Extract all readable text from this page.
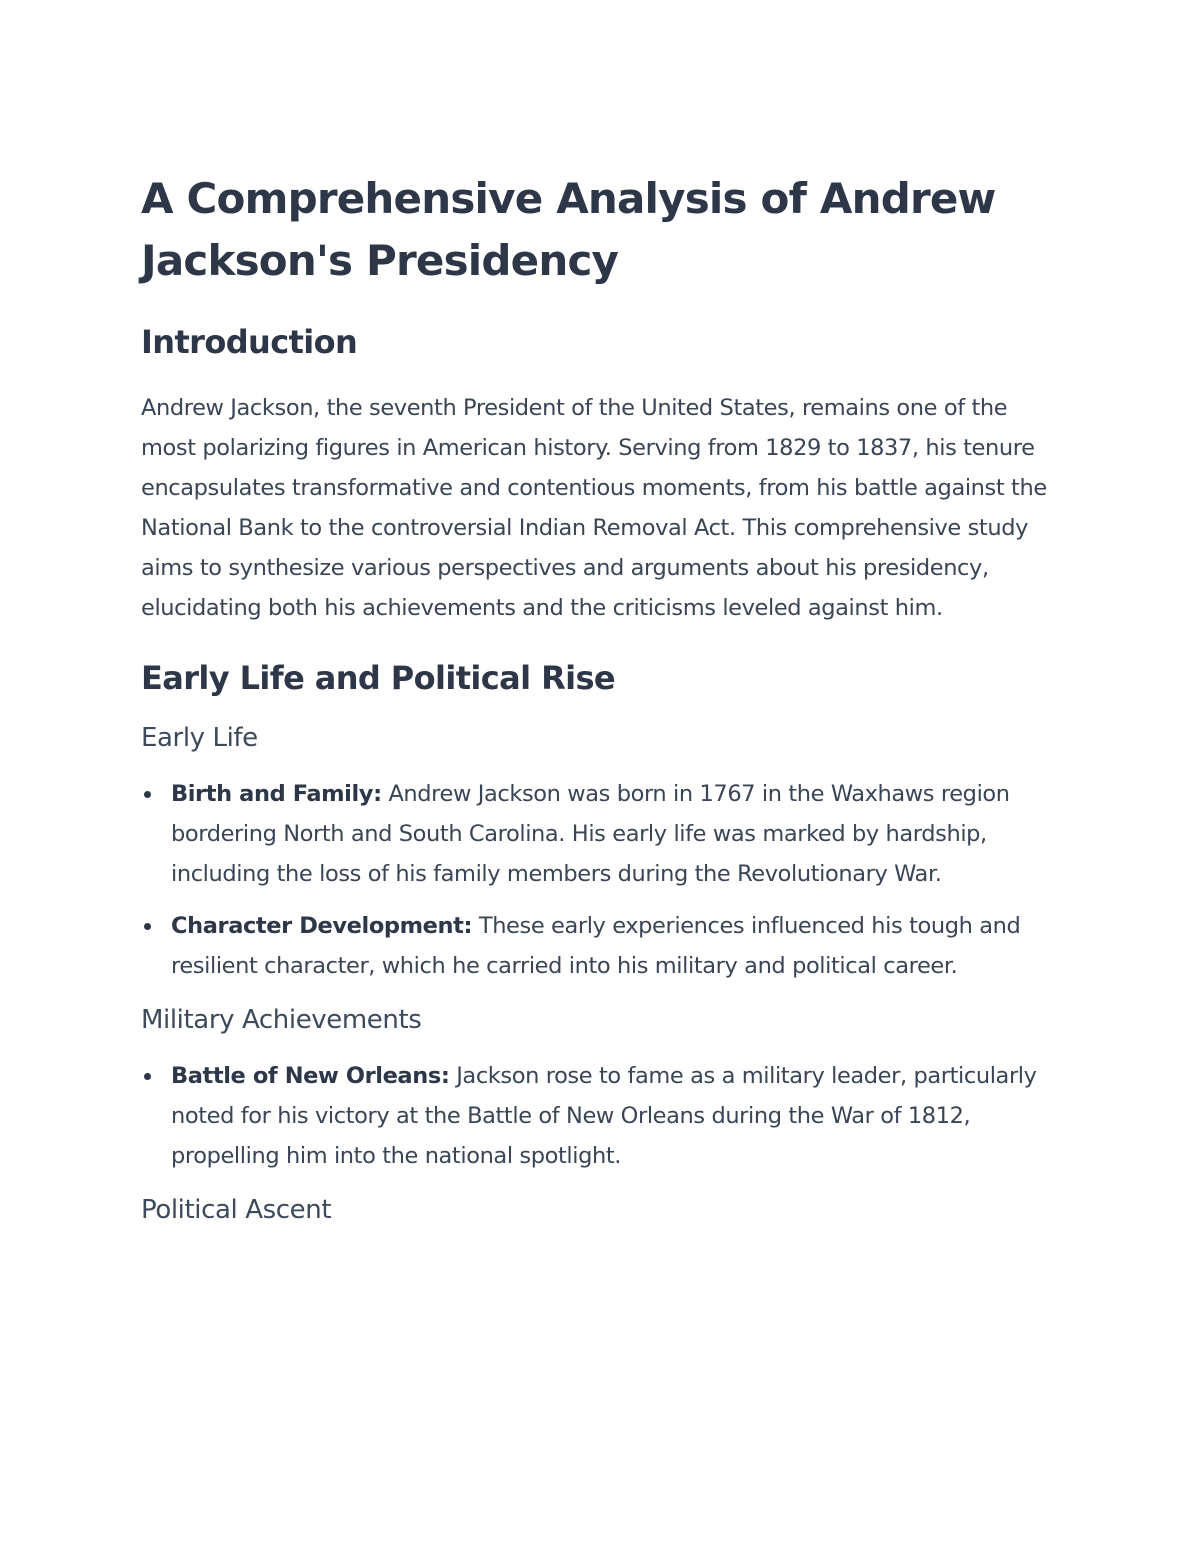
A Comprehensive Analysis of Andrew Jackson's Presidency
Introduction

Andrew Jackson, the seventh President of the United States, remains one of the most polarizing figures in American history. Serving from 1829 to 1837, his tenure encapsulates transformative and contentious moments, from his battle against the National Bank to the controversial Indian Removal Act. This comprehensive study aims to synthesize various perspectives and arguments about his presidency, elucidating both his achievements and the criticisms leveled against him.

Early Life and Political Rise
Early Life
Birth and Family: Andrew Jackson was born in 1767 in the Waxhaws region bordering North and South Carolina. His early life was marked by hardship, including the loss of his family members during the Revolutionary War.
Character Development: These early experiences influenced his tough and resilient character, which he carried into his military and political career.
Military Achievements
Battle of New Orleans: Jackson rose to fame as a military leader, particularly noted for his victory at the Battle of New Orleans during the War of 1812, propelling him into the national spotlight.
Political Ascent
